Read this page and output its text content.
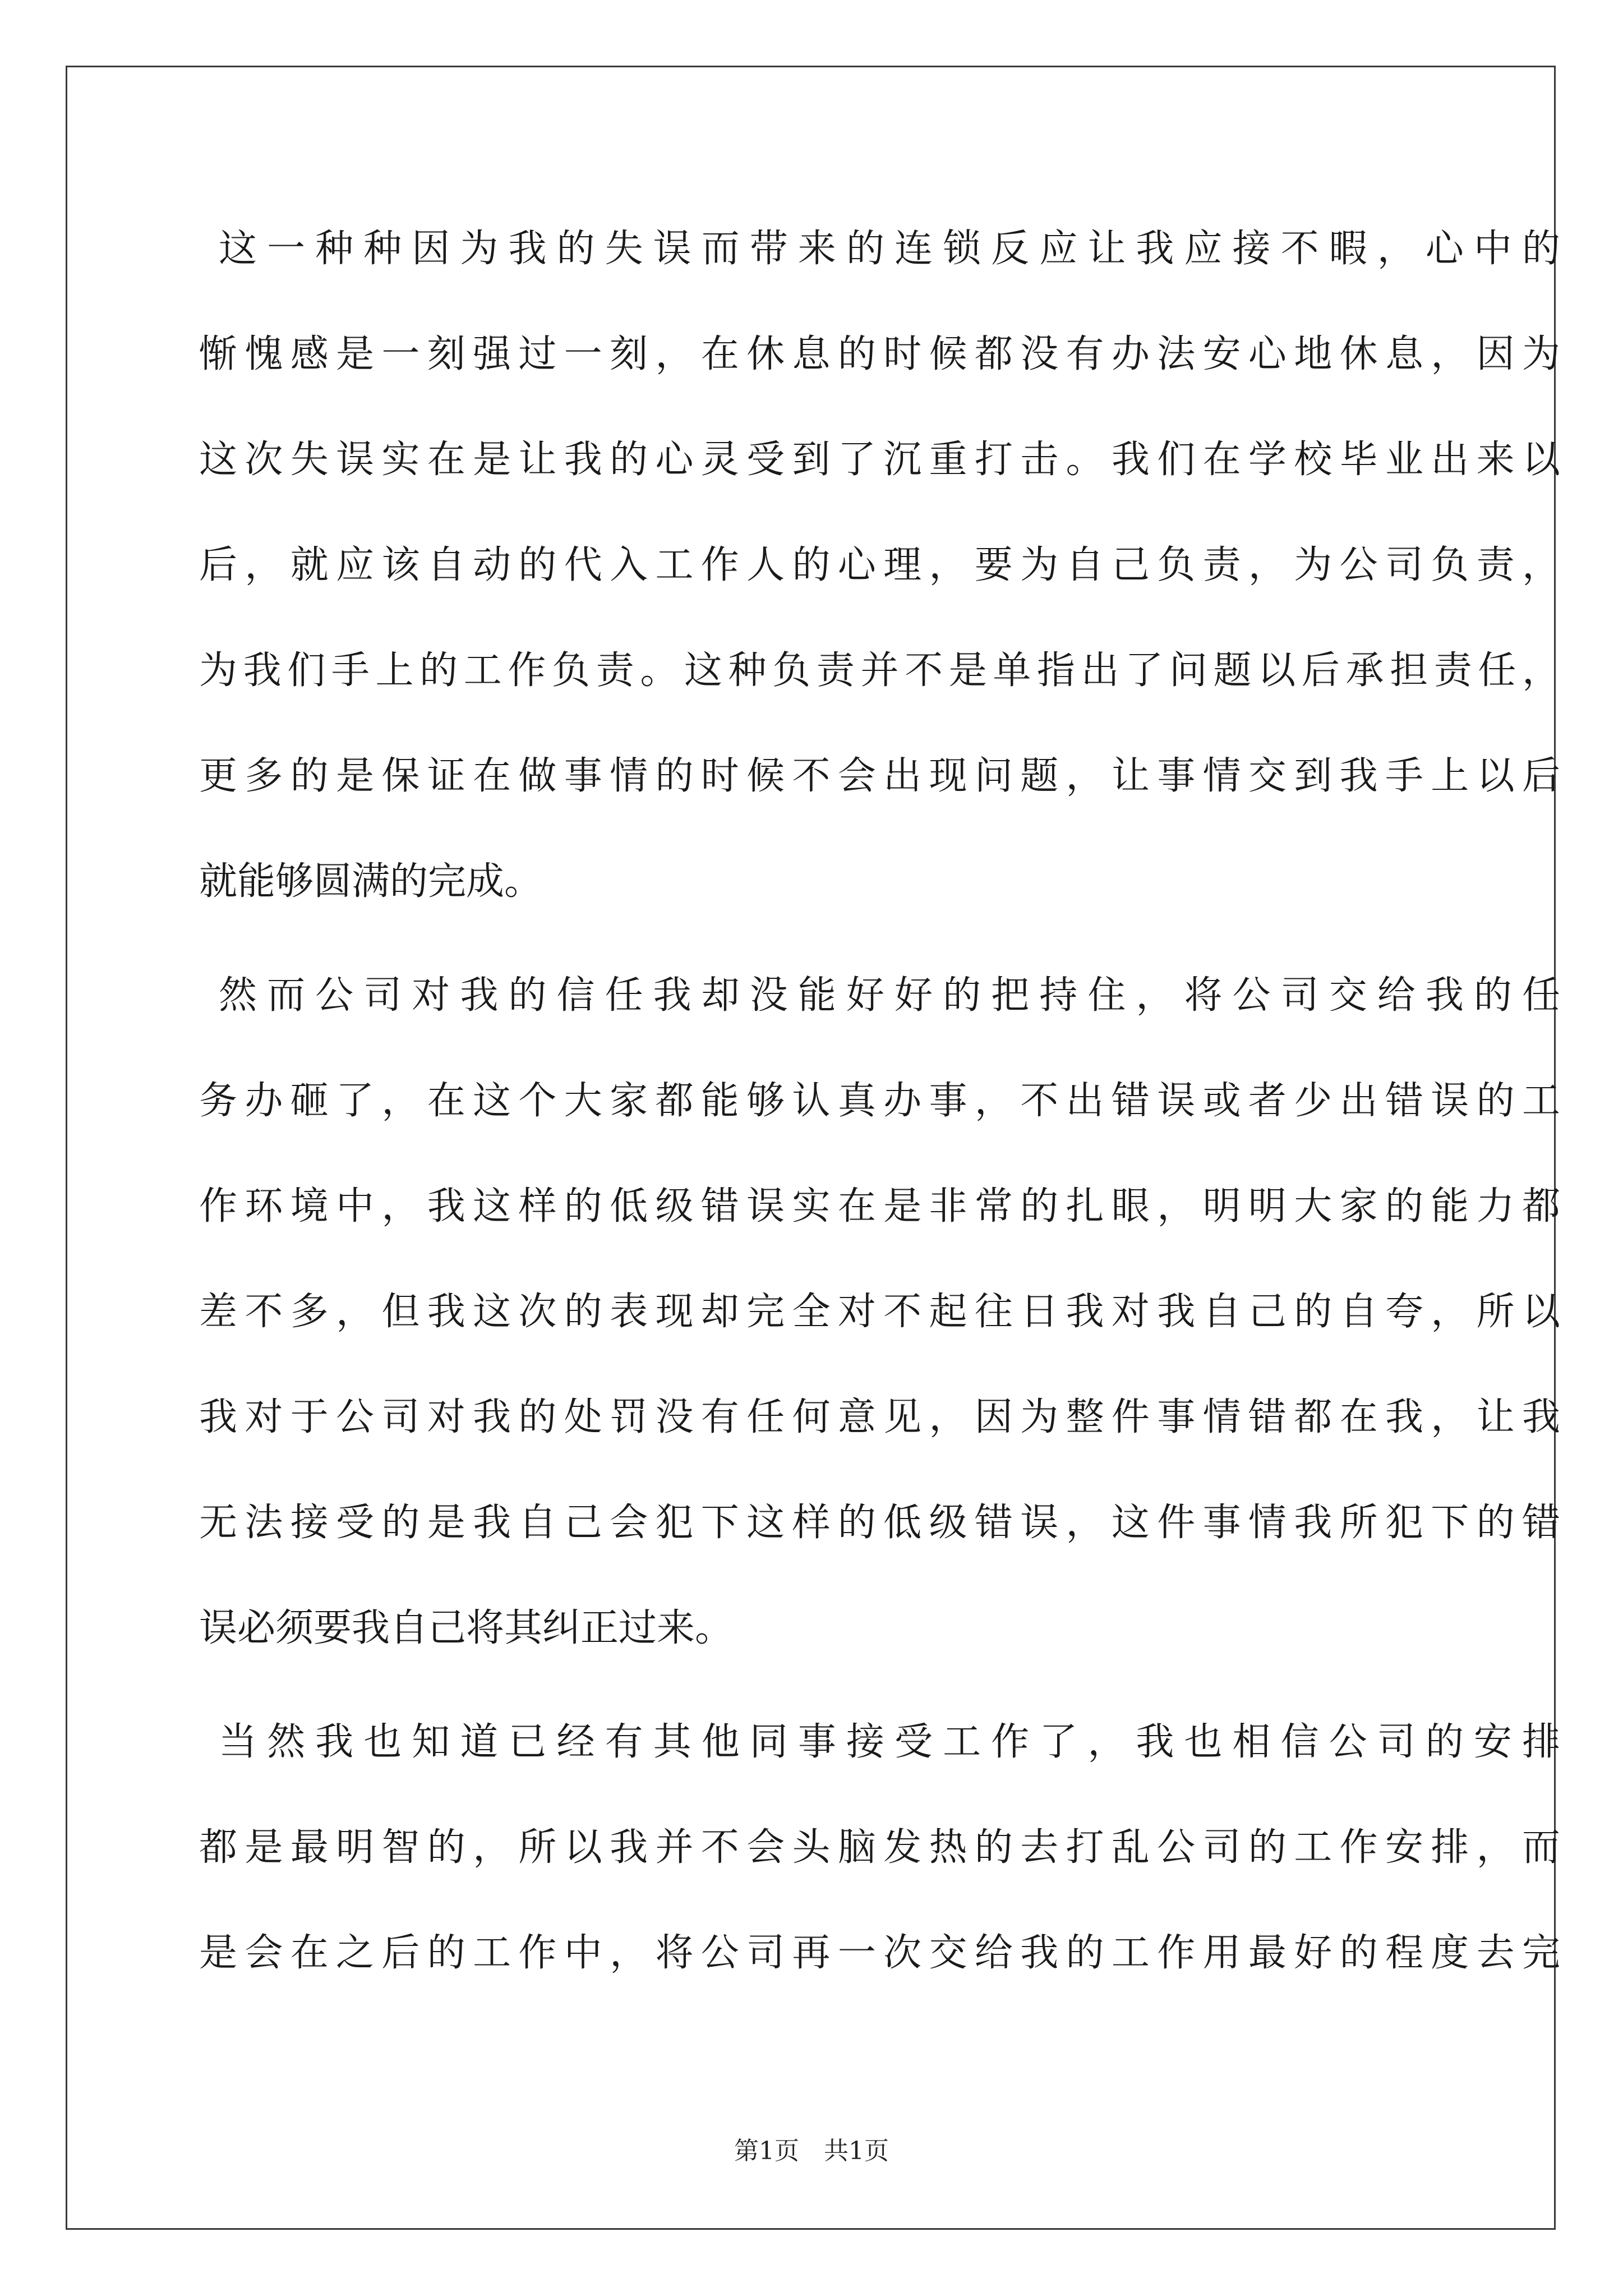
这一种种因为我的失误而带来的连锁反应让我应接不暇，心中的
惭愧感是一刻强过一刻，在休息的时候都没有办法安心地休息，因为
这次失误实在是让我的心灵受到了沉重打击。我们在学校毕业出来以
后，就应该自动的代入工作人的心理，要为自己负责，为公司负责，
为我们手上的工作负责。这种负责并不是单指出了问题以后承担责任，
更多的是保证在做事情的时候不会出现问题，让事情交到我手上以后
就能够圆满的完成。
然而公司对我的信任我却没能好好的把持住，将公司交给我的任
务办砸了，在这个大家都能够认真办事，不出错误或者少出错误的工
作环境中，我这样的低级错误实在是非常的扎眼，明明大家的能力都
差不多，但我这次的表现却完全对不起往日我对我自己的自夸，所以
我对于公司对我的处罚没有任何意见，因为整件事情错都在我，让我
无法接受的是我自己会犯下这样的低级错误，这件事情我所犯下的错
误必须要我自己将其纠正过来。
当然我也知道已经有其他同事接受工作了，我也相信公司的安排
都是最明智的，所以我并不会头脑发热的去打乱公司的工作安排，而
是会在之后的工作中，将公司再一次交给我的工作用最好的程度去完
第1页　共1页
